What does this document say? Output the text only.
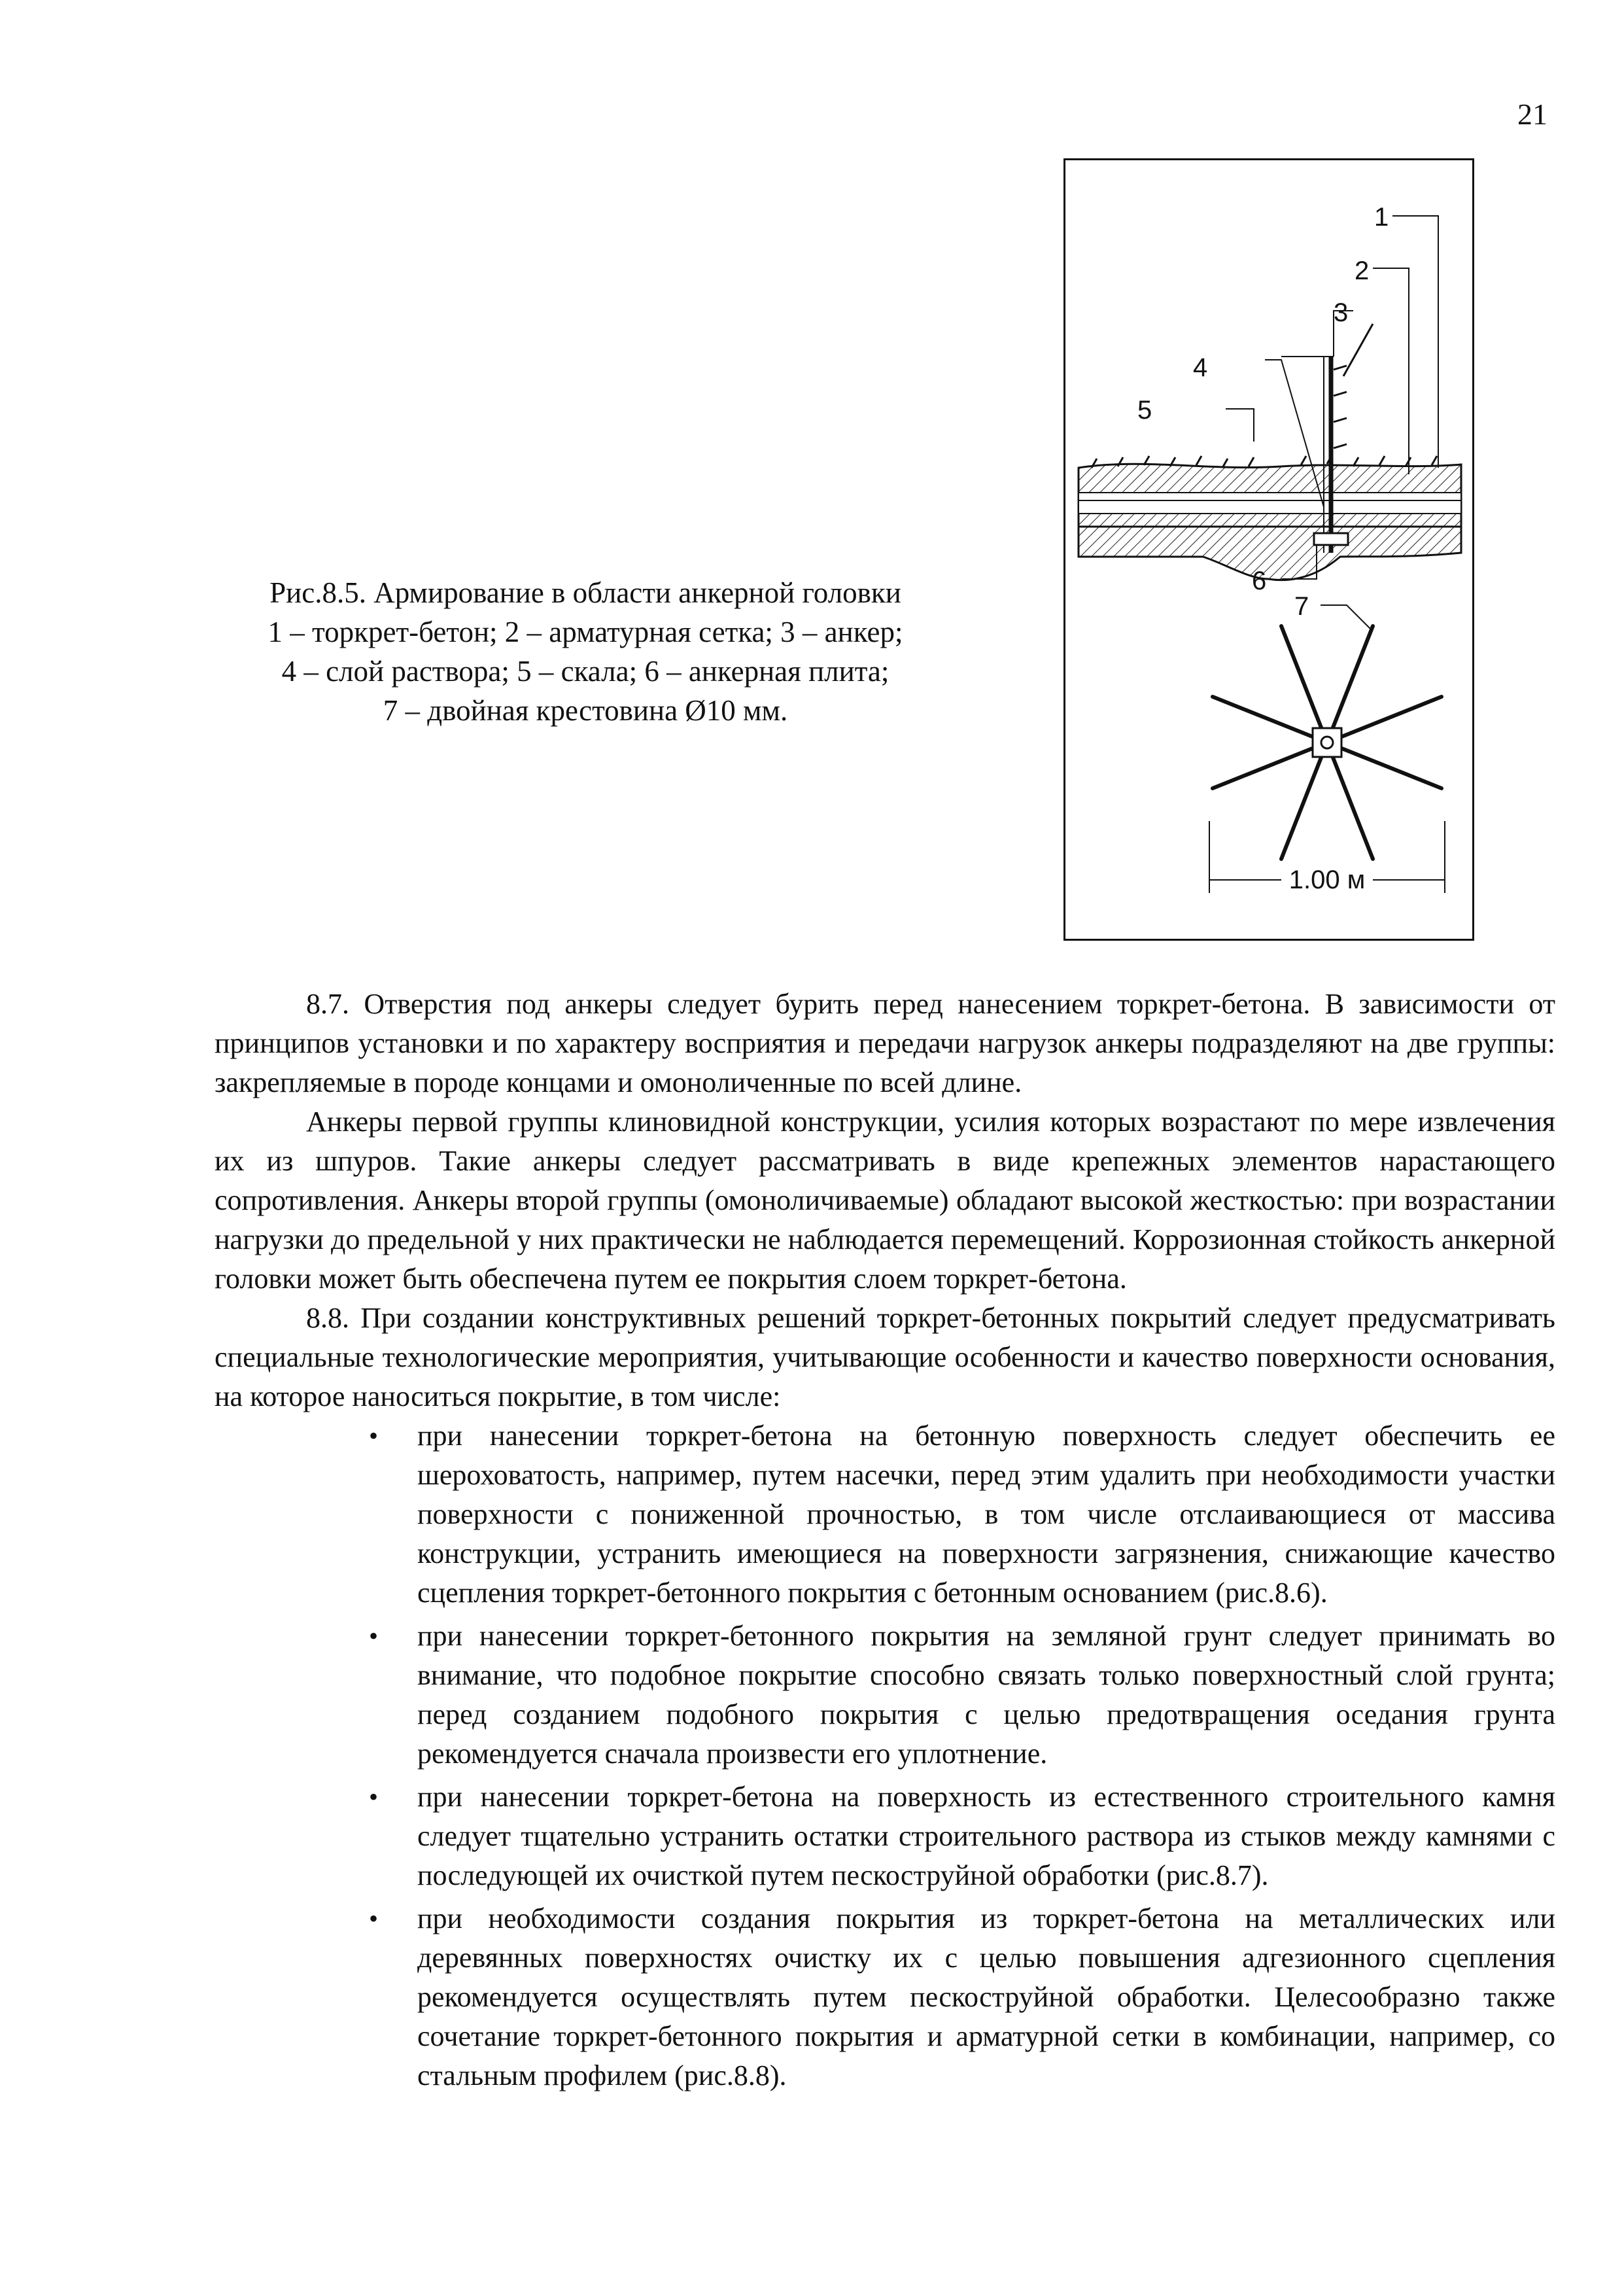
21
Рис.8.5. Армирование в области анкерной головки
1 – торкрет-бетон; 2 – арматурная сетка; 3 – анкер;
4 – слой раствора; 5 – скала; 6 – анкерная плита;
7 – двойная крестовина Ø10 мм.
1
2
3
4
5
6
7
1.00 м

8.7. Отверстия под анкеры следует бурить перед нанесением торкрет-бетона. В зависимости от принципов установки и по характеру восприятия и передачи нагрузок анкеры подразделяют на две группы: закрепляемые в породе концами и омоноличенные по всей длине.

Анкеры первой группы клиновидной конструкции, усилия которых возрастают по мере извлечения их из шпуров. Такие анкеры следует рассматривать в виде крепежных элементов нарастающего сопротивления. Анкеры второй группы (омоноличиваемые) обладают высокой жесткостью: при возрастании нагрузки до предельной у них практически не наблюдается перемещений. Коррозионная стойкость анкерной головки может быть обеспечена путем ее покрытия слоем торкрет-бетона.

8.8. При создании конструктивных решений торкрет-бетонных покрытий следует предусматривать специальные технологические мероприятия, учитывающие особенности и качество поверхности основания, на которое наноситься покрытие, в том числе:

• при нанесении торкрет-бетона на бетонную поверхность следует обеспечить ее шероховатость, например, путем насечки, перед этим удалить при необходимости участки поверхности с пониженной прочностью, в том числе отслаивающиеся от массива конструкции, устранить имеющиеся на поверхности загрязнения, снижающие качество сцепления торкрет-бетонного покрытия с бетонным основанием (рис.8.6).
• при нанесении торкрет-бетонного покрытия на земляной грунт следует принимать во внимание, что подобное покрытие способно связать только поверхностный слой грунта; перед созданием подобного покрытия с целью предотвращения оседания грунта рекомендуется сначала произвести его уплотнение.
• при нанесении торкрет-бетона на поверхность из естественного строительного камня следует тщательно устранить остатки строительного раствора из стыков между камнями с последующей их очисткой путем пескоструйной обработки (рис.8.7).
• при необходимости создания покрытия из торкрет-бетона на металлических или деревянных поверхностях очистку их с целью повышения адгезионного сцепления рекомендуется осуществлять путем пескоструйной обработки. Целесообразно также сочетание торкрет-бетонного покрытия и арматурной сетки в комбинации, например, со стальным профилем (рис.8.8).
